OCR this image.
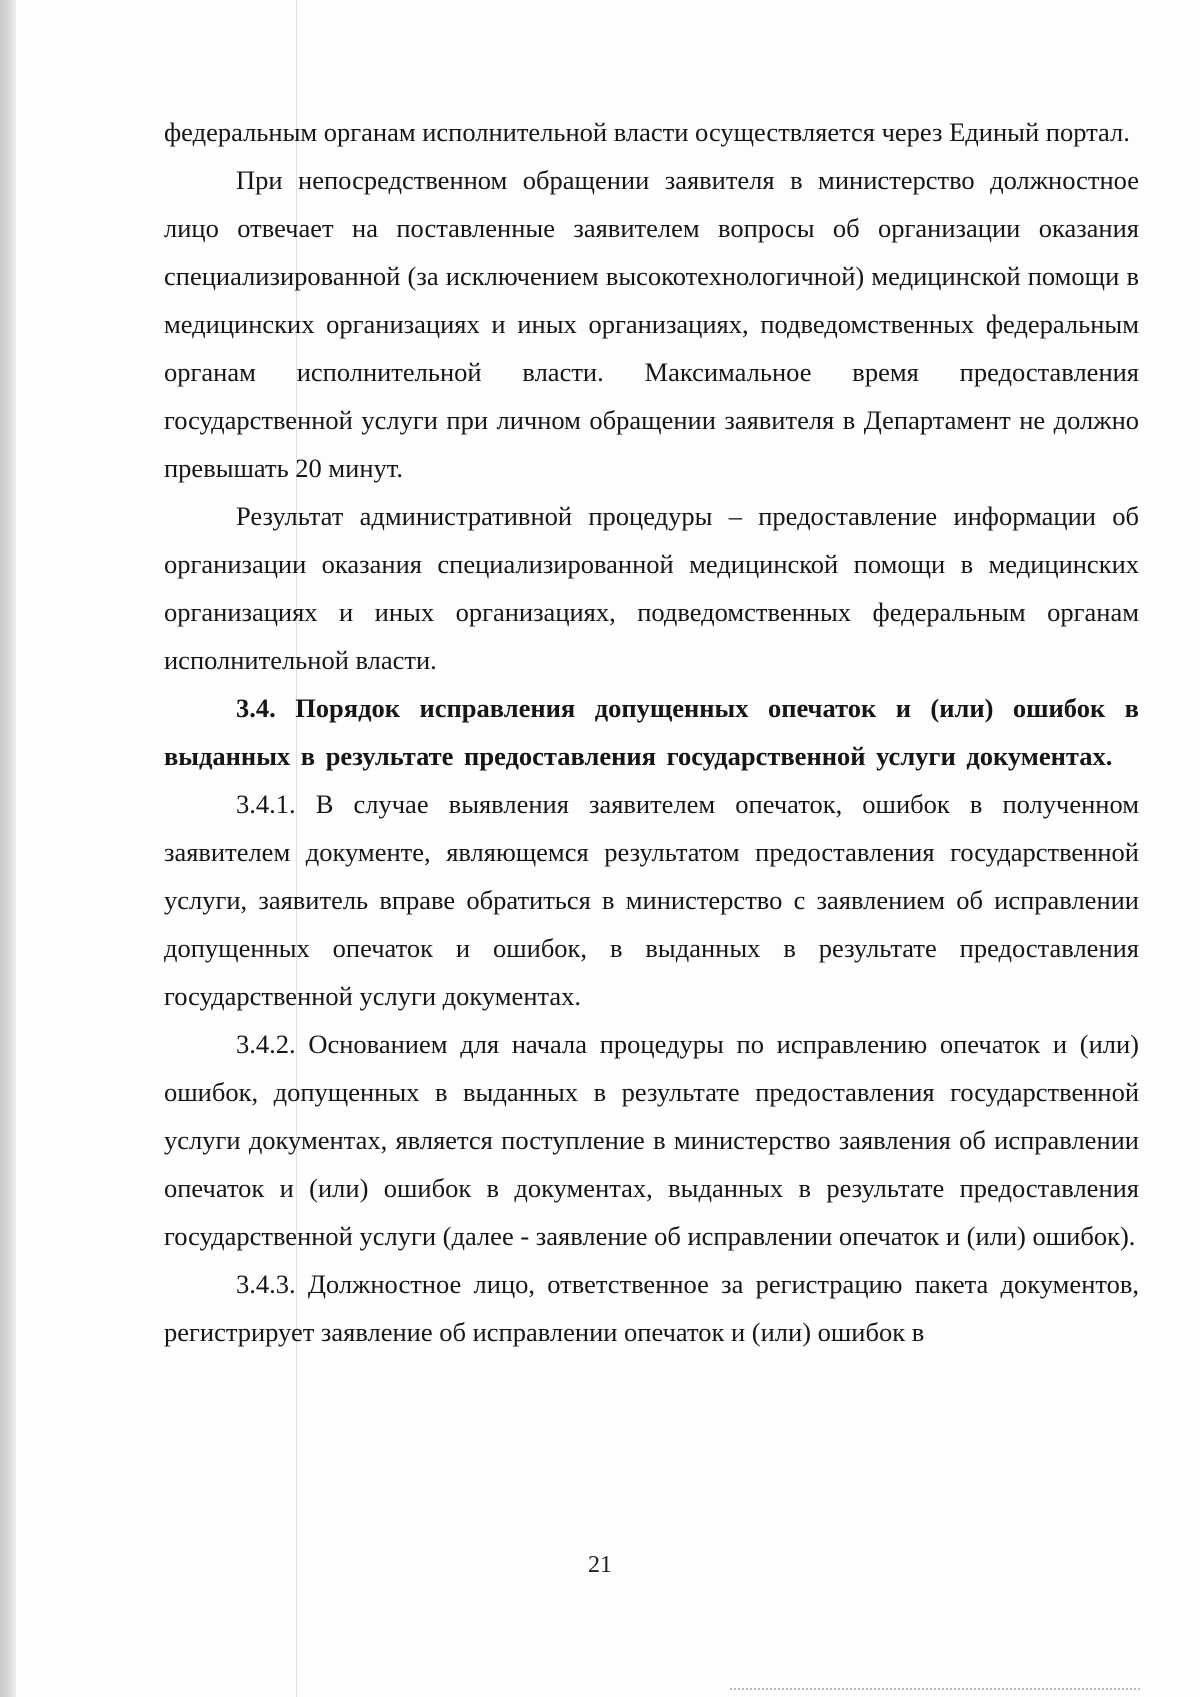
федеральным органам исполнительной власти осуществляется через Единый портал.

При непосредственном обращении заявителя в министерство должностное лицо отвечает на поставленные заявителем вопросы об организации оказания специализированной (за исключением высокотехнологичной) медицинской помощи в медицинских организациях и иных организациях, подведомственных федеральным органам исполнительной власти. Максимальное время предоставления государственной услуги при личном обращении заявителя в Департамент не должно превышать 20 минут.

Результат административной процедуры – предоставление информации об организации оказания специализированной медицинской помощи в медицинских организациях и иных организациях, подведомственных федеральным органам исполнительной власти.

3.4. Порядок исправления допущенных опечаток и (или) ошибок в выданных в результате предоставления государственной услуги документах.

3.4.1. В случае выявления заявителем опечаток, ошибок в полученном заявителем документе, являющемся результатом предоставления государственной услуги, заявитель вправе обратиться в министерство с заявлением об исправлении допущенных опечаток и ошибок, в выданных в результате предоставления государственной услуги документах.

3.4.2. Основанием для начала процедуры по исправлению опечаток и (или) ошибок, допущенных в выданных в результате предоставления государственной услуги документах, является поступление в министерство заявления об исправлении опечаток и (или) ошибок в документах, выданных в результате предоставления государственной услуги (далее - заявление об исправлении опечаток и (или) ошибок).

3.4.3. Должностное лицо, ответственное за регистрацию пакета документов, регистрирует заявление об исправлении опечаток и (или) ошибок в

21
